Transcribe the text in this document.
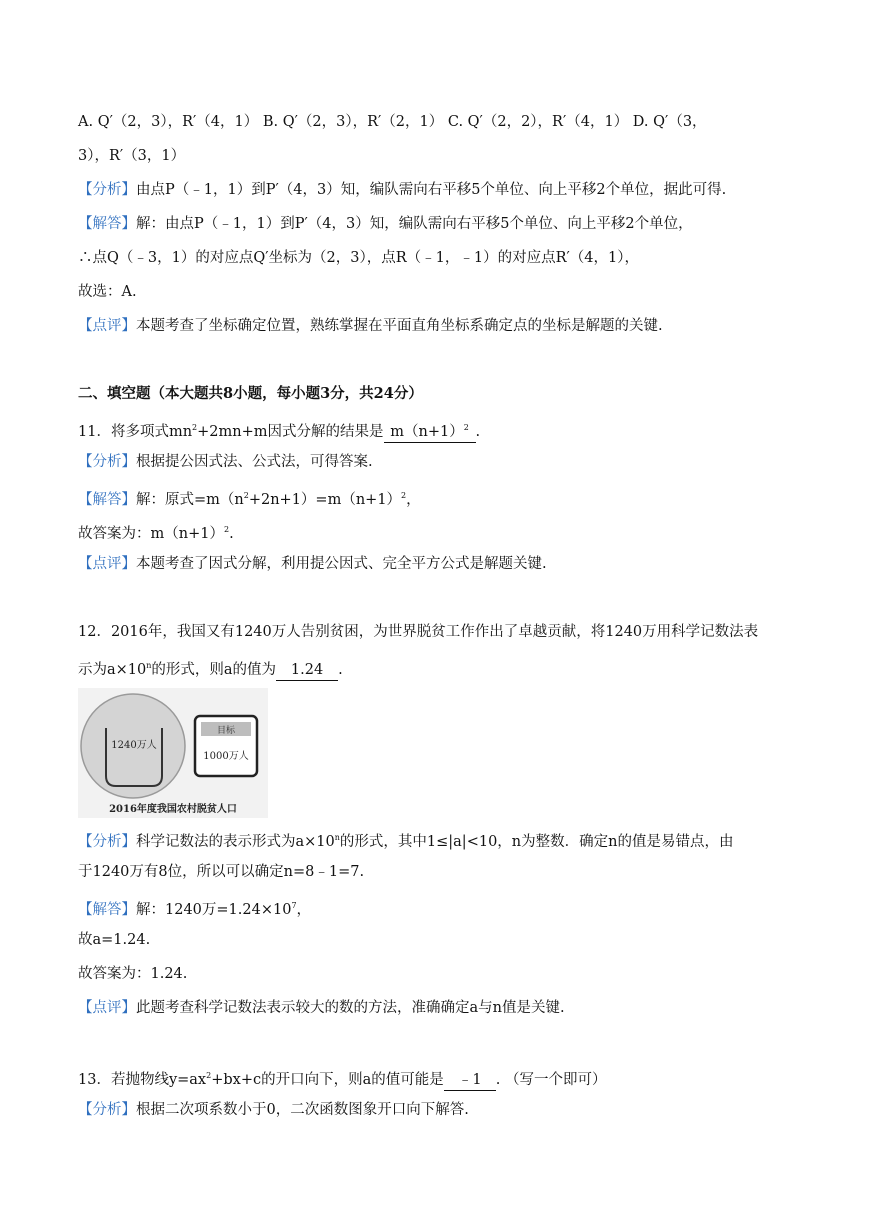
A. Q′（2，3），R′（4，1） B. Q′（2，3），R′（2，1） C. Q′（2，2），R′（4，1） D. Q′（3，
3），R′（3，1）
【分析】由点P（﹣1，1）到P′（4，3）知，编队需向右平移5个单位、向上平移2个单位，据此可得.
【解答】解：由点P（﹣1，1）到P′（4，3）知，编队需向右平移5个单位、向上平移2个单位，
∴点Q（﹣3，1）的对应点Q′坐标为（2，3），点R（﹣1，﹣1）的对应点R′（4，1），
故选：A.
【点评】本题考查了坐标确定位置，熟练掌握在平面直角坐标系确定点的坐标是解题的关键.
二、填空题（本大题共8小题，每小题3分，共24分）
11．将多项式$mn^2+2mn+m$因式分解的结果是 $m(n+1)^2$ .
【分析】根据提公因式法、公式法，可得答案.
【解答】解：原式$=m(n^2+2n+1)=m(n+1)^2$，
故答案为：$m(n+1)^2$.
【点评】本题考查了因式分解，利用提公因式、完全平方公式是解题关键.
12．2016年，我国又有1240万人告别贫困，为世界脱贫工作作出了卓越贡献，将1240万用科学记数法表
示为$a\times 10^n$的形式，则a的值为 1.24 .
1240万人
目标
1000万人
2016年度我国农村脱贫人口
【分析】科学记数法的表示形式为$a\times 10^n$的形式，其中1≤|a|<10，n为整数．确定n的值是易错点，由
于1240万有8位，所以可以确定n=8﹣1=7.
【解答】解：1240万$=1.24\times 10^7$，
故a=1.24.
故答案为：1.24.
【点评】此题考查科学记数法表示较大的数的方法，准确确定a与n值是关键.
13．若抛物线$y=ax^2+bx+c$的开口向下，则a的值可能是 ﹣1 . （写一个即可）
【分析】根据二次项系数小于0，二次函数图象开口向下解答.
